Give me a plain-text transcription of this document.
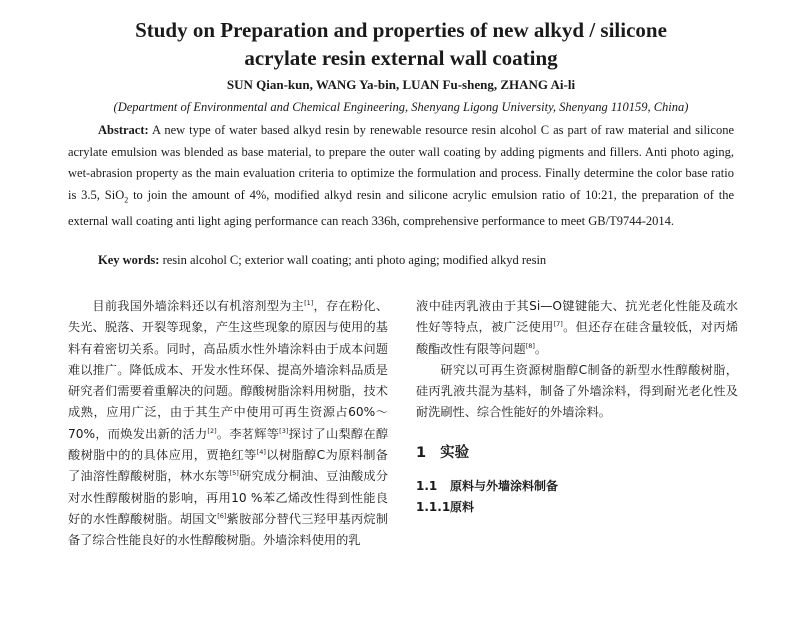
Study on Preparation and properties of new alkyd / silicone
acrylate resin external wall coating

SUN Qian-kun, WANG Ya-bin, LUAN Fu-sheng, ZHANG Ai-li

(Department of Environmental and Chemical Engineering, Shenyang Ligong University, Shenyang 110159, China)

Abstract: A new type of water based alkyd resin by renewable resource resin alcohol C as part of raw material and silicone acrylate emulsion was blended as base material, to prepare the outer wall coating by adding pigments and fillers. Anti photo aging, wet-abrasion property as the main evaluation criteria to optimize the formulation and process. Finally determine the color base ratio is 3.5, SiO$_2$ to join the amount of 4%, modified alkyd resin and silicone acrylic emulsion ratio of 10:21, the preparation of the external wall coating anti light aging performance can reach 336h, comprehensive performance to meet GB/T9744-2014.

Key words: resin alcohol C; exterior wall coating; anti photo aging; modified alkyd resin

目前我国外墙涂料还以有机溶剂型为主[1]，存在粉化、失光、脱落、开裂等现象，产生这些现象的原因与使用的基料有着密切关系。同时，高品质水性外墙涂料由于成本问题难以推广。降低成本、开发水性环保、提高外墙涂料品质是研究者们需要着重解决的问题。醇酸树脂涂料用树脂，技术成熟，应用广泛，由于其生产中使用可再生资源占60%～70%，而焕发出新的活力[2]。李茗辉等[3]探讨了山梨醇在醇酸树脂中的的具体应用，贾艳红等[4]以树脂醇C为原料制备了油溶性醇酸树脂，林水东等[5]研究成分桐油、豆油酸成分对水性醇酸树脂的影响，再用10 %苯乙烯改性得到性能良好的水性醇酸树脂。胡国文[6]紫胺部分替代三羟甲基丙烷制备了综合性能良好的水性醇酸树脂。外墙涂料使用的乳

液中硅丙乳液由于其Si—O键键能大、抗光老化性能及疏水性好等特点，被广泛使用[7]。但还存在硅含量较低，对丙烯酸酯改性有限等问题[8]。

研究以可再生资源树脂醇C制备的新型水性醇酸树脂，硅丙乳液共混为基料，制备了外墙涂料，得到耐光老化性及耐洗刷性、综合性能好的外墙涂料。

1 实验
1.1 原料与外墙涂料制备
1.1.1原料
